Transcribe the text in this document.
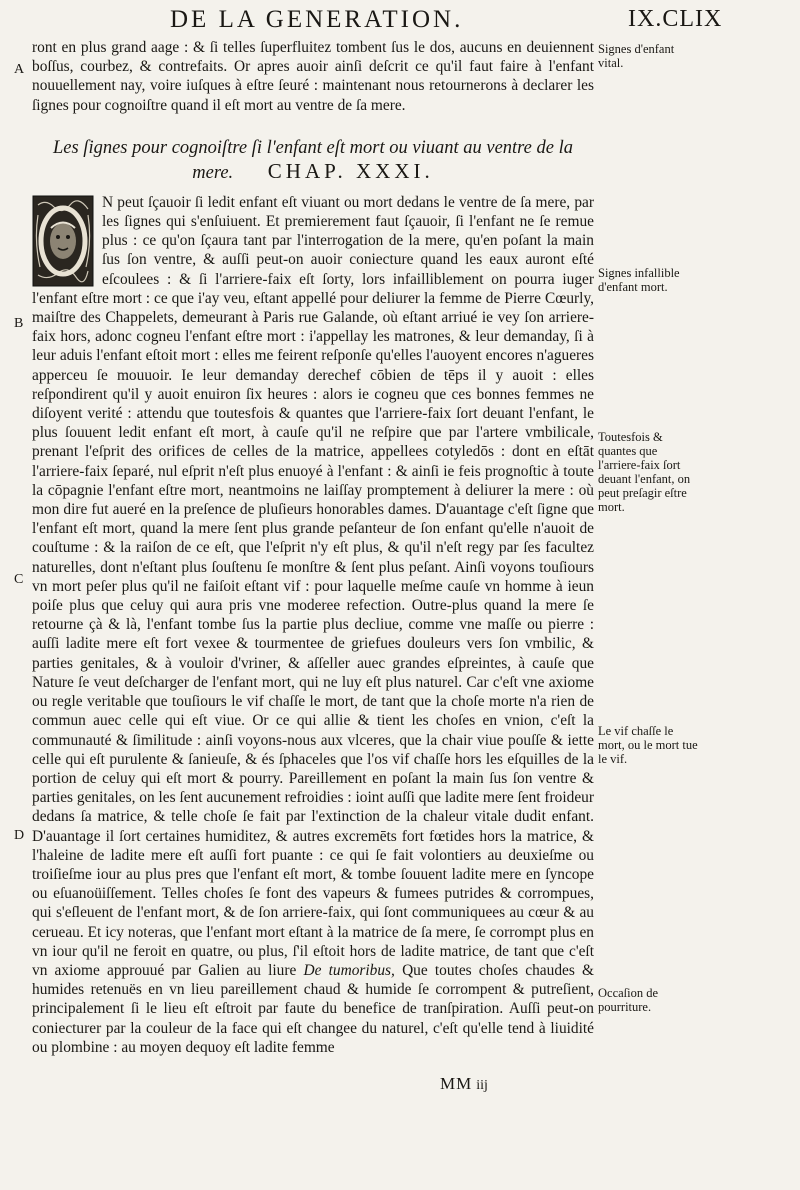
DE LA GENERATION.	IX.CLIX

ront en plus grand aage : & ſi telles ſuperfluitez tombent ſus le dos, aucuns en deuiennent boſſus, courbez, & contrefaits. Or apres auoir ainſi deſcrit ce qu'il faut faire à l'enfant nouuellement nay, voire iuſques à eſtre ſeuré : maintenant nous retournerons à declarer les ſignes pour cognoiſtre quand il eſt mort au ventre de ſa mere.

Les ſignes pour cognoiſtre ſi l'enfant eſt mort ou viuant au ventre de la mere. CHAP. XXXI.

N peut ſçauoir ſi ledit enfant eſt viuant ou mort dedans le ventre de ſa mere, par les ſignes qui s'enſuiuent. Et premierement faut ſçauoir, ſi l'enfant ne ſe remue plus : ce qu'on ſçaura tant par l'interrogation de la mere, qu'en poſant la main ſus ſon ventre, & auſſi peut-on auoir coniecture quand les eaux auront eſté eſcoulees : & ſi l'arriere-faix eſt ſorty, lors infailliblement on pourra iuger l'enfant eſtre mort : ce que i'ay veu, eſtant appellé pour deliurer la femme de Pierre Cœurly, maiſtre des Chappelets, demeurant à Paris rue Galande, où eſtant arriué ie vey ſon arriere-faix hors, adonc cogneu l'enfant eſtre mort : i'appellay les matrones, & leur demanday, ſi à leur aduis l'enfant eſtoit mort : elles me feirent reſponſe qu'elles l'auoyent encores n'agueres apperceu ſe mouuoir. Ie leur demanday derechef cōbien de tēps il y auoit : elles reſpondirent qu'il y auoit enuiron ſix heures : alors ie cogneu que ces bonnes femmes ne diſoyent verité : attendu que toutesfois & quantes que l'arriere-faix ſort deuant l'enfant, le plus ſouuent ledit enfant eſt mort, à cauſe qu'il ne reſpire que par l'artere vmbilicale, prenant l'eſprit des orifices de celles de la matrice, appellees cotyledōs : dont en eſtāt l'arriere-faix ſeparé, nul eſprit n'eſt plus enuoyé à l'enfant : & ainſi ie feis prognoſtic à toute la cōpagnie l'enfant eſtre mort, neantmoins ne laiſſay promptement à deliurer la mere : où mon dire fut aueré en la preſence de pluſieurs honorables dames. D'auantage c'eſt ſigne que l'enfant eſt mort, quand la mere ſent plus grande peſanteur de ſon enfant qu'elle n'auoit de couſtume : & la raiſon de ce eſt, que l'eſprit n'y eſt plus, & qu'il n'eſt regy par ſes facultez naturelles, dont n'eſtant plus ſouſtenu ſe monſtre & ſent plus peſant. Ainſi voyons touſiours vn mort peſer plus qu'il ne faiſoit eſtant vif : pour laquelle meſme cauſe vn homme à ieun poiſe plus que celuy qui aura pris vne moderee refection. Outre-plus quand la mere ſe retourne çà & là, l'enfant tombe ſus la partie plus decliue, comme vne maſſe ou pierre : auſſi ladite mere eſt fort vexee & tourmentee de griefues douleurs vers ſon vmbilic, & parties genitales, & à vouloir d'vriner, & aſſeller auec grandes eſpreintes, à cauſe que Nature ſe veut deſcharger de l'enfant mort, qui ne luy eſt plus naturel. Car c'eſt vne axiome ou regle veritable que touſiours le vif chaſſe le mort, de tant que la choſe morte n'a rien de commun auec celle qui eſt viue. Or ce qui allie & tient les choſes en vnion, c'eſt la communauté & ſimilitude : ainſi voyons-nous aux vlceres, que la chair viue pouſſe & iette celle qui eſt purulente & ſanieuſe, & és ſphaceles que l'os vif chaſſe hors les eſquilles de la portion de celuy qui eſt mort & pourry. Pareillement en poſant la main ſus ſon ventre & parties genitales, on les ſent aucunement refroidies : ioint auſſi que ladite mere ſent froideur dedans ſa matrice, & telle choſe ſe fait par l'extinction de la chaleur vitale dudit enfant. D'auantage il ſort certaines humiditez, & autres excremēts fort fœtides hors la matrice, & l'haleine de ladite mere eſt auſſi fort puante : ce qui ſe fait volontiers au deuxieſme ou troiſieſme iour au plus pres que l'enfant eſt mort, & tombe ſouuent ladite mere en ſyncope ou eſuanoüiſſement. Telles choſes ſe font des vapeurs & fumees putrides & corrompues, qui s'eſleuent de l'enfant mort, & de ſon arriere-faix, qui ſont communiquees au cœur & au cerueau. Et icy noteras, que l'enfant mort eſtant à la matrice de ſa mere, ſe corrompt plus en vn iour qu'il ne feroit en quatre, ou plus, ſ'il eſtoit hors de ladite matrice, de tant que c'eſt vn axiome approuué par Galien au liure De tumoribus, Que toutes choſes chaudes & humides retenuës en vn lieu pareillement chaud & humide ſe corrompent & putreſient, principalement ſi le lieu eſt eſtroit par faute du benefice de tranſpiration. Auſſi peut-on coniecturer par la couleur de la face qui eſt changee du naturel, c'eſt qu'elle tend à liuidité ou plombine : au moyen dequoy eſt ladite femme

A
B
C
D
Signes d'enfant vital.
Signes infallible d'enfant mort.
Toutesfois & quantes que l'arriere-faix ſort deuant l'enfant, on peut preſagir eſtre mort.
Le vif chaſſe le mort, ou le mort tue le vif.
Occaſion de pourriture.
MM iij
